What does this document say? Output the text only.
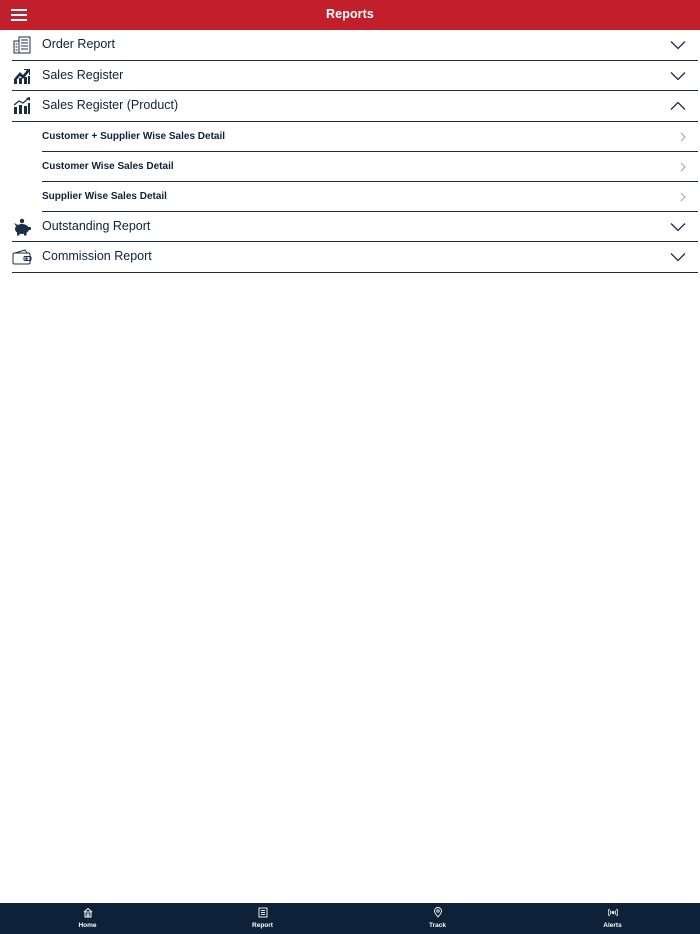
Reports
Order Report
Sales Register
Sales Register (Product)
Customer + Supplier Wise Sales Detail
Customer Wise Sales Detail
Supplier Wise Sales Detail
Outstanding Report
Commission Report
Home	Report	Track	Alerts
